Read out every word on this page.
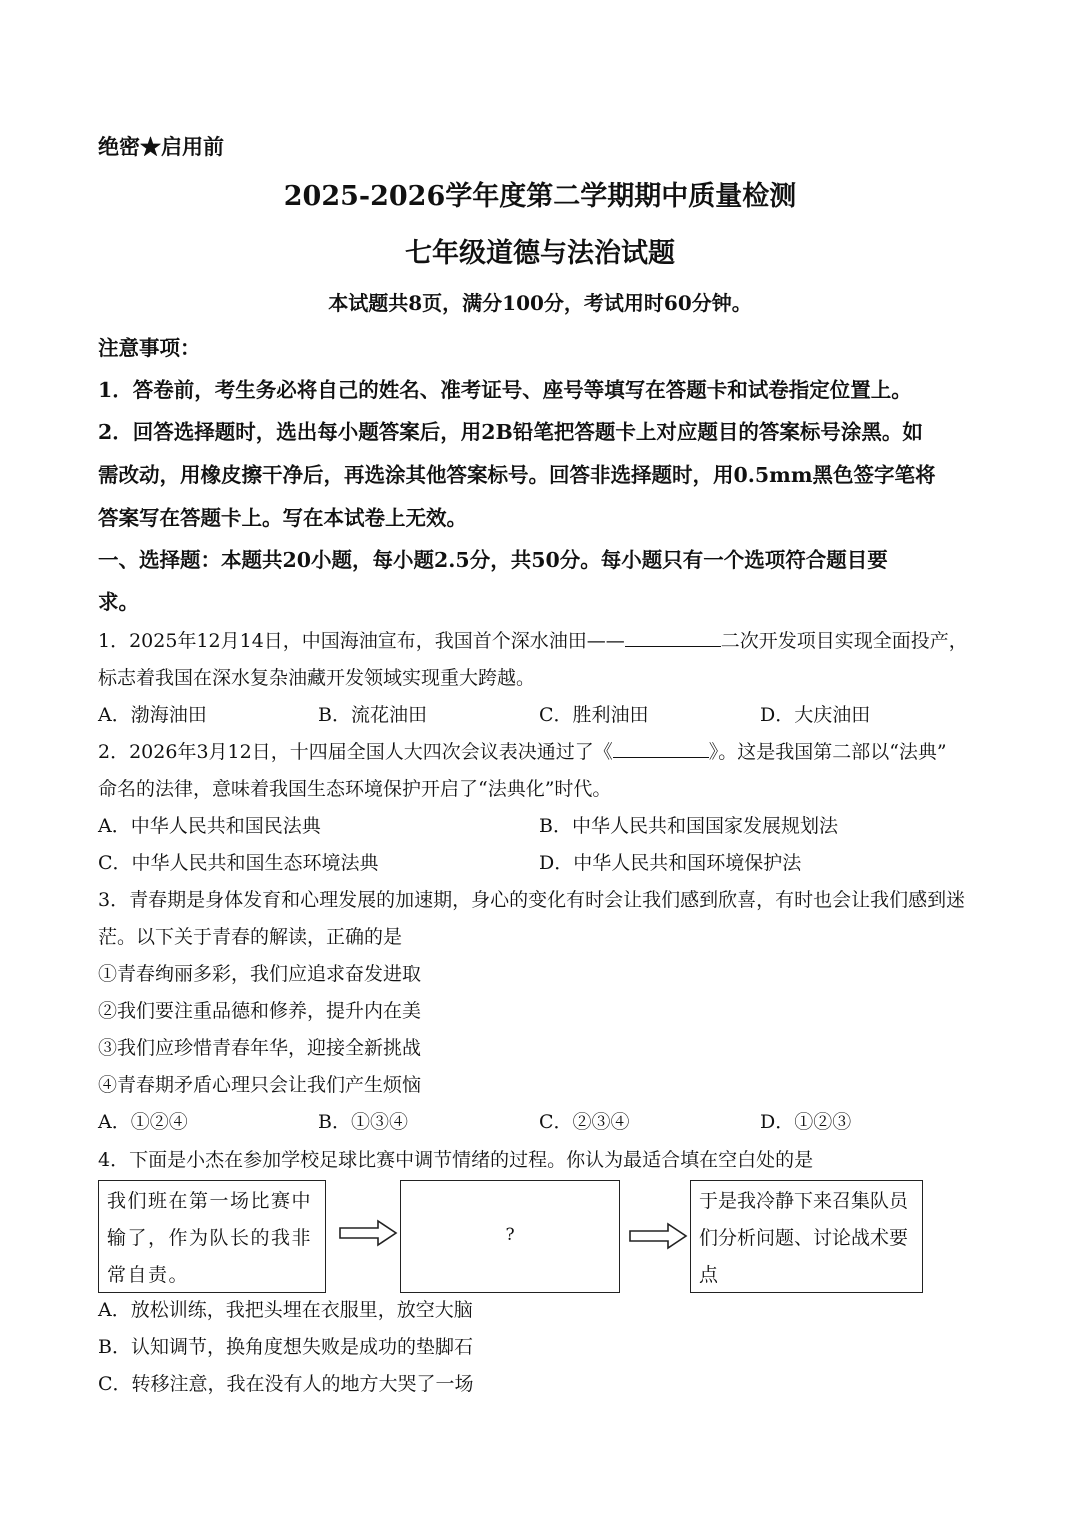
绝密★启用前
2025-2026学年度第二学期期中质量检测
七年级道德与法治试题
本试题共8页，满分100分，考试用时60分钟。
注意事项：
1．答卷前，考生务必将自己的姓名、准考证号、座号等填写在答题卡和试卷指定位置上。
2．回答选择题时，选出每小题答案后，用2B铅笔把答题卡上对应题目的答案标号涂黑。如
需改动，用橡皮擦干净后，再选涂其他答案标号。回答非选择题时，用0.5mm黑色签字笔将
答案写在答题卡上。写在本试卷上无效。
一、选择题：本题共20小题，每小题2.5分，共50分。每小题只有一个选项符合题目要
求。
1．2025年12月14日，中国海油宣布，我国首个深水油田——	二次开发项目实现全面投产，
标志着我国在深水复杂油藏开发领域实现重大跨越。
A．渤海油田	B．流花油田	C．胜利油田	D．大庆油田
2．2026年3月12日，十四届全国人大四次会议表决通过了《	》。这是我国第二部以“法典”
命名的法律，意味着我国生态环境保护开启了“法典化”时代。
A．中华人民共和国民法典	B．中华人民共和国国家发展规划法
C．中华人民共和国生态环境法典	D．中华人民共和国环境保护法
3．青春期是身体发育和心理发展的加速期，身心的变化有时会让我们感到欣喜，有时也会让我们感到迷
茫。以下关于青春的解读，正确的是
①青春绚丽多彩，我们应追求奋发进取
②我们要注重品德和修养，提升内在美
③我们应珍惜青春年华，迎接全新挑战
④青春期矛盾心理只会让我们产生烦恼
A．①②④	B．①③④	C．②③④	D．①②③
4．下面是小杰在参加学校足球比赛中调节情绪的过程。你认为最适合填在空白处的是
我们班在第一场比赛中
输了，作为队长的我非
常自责。
?
于是我冷静下来召集队员
们分析问题、讨论战术要
点
A．放松训练，我把头埋在衣服里，放空大脑
B．认知调节，换角度想失败是成功的垫脚石
C．转移注意，我在没有人的地方大哭了一场
